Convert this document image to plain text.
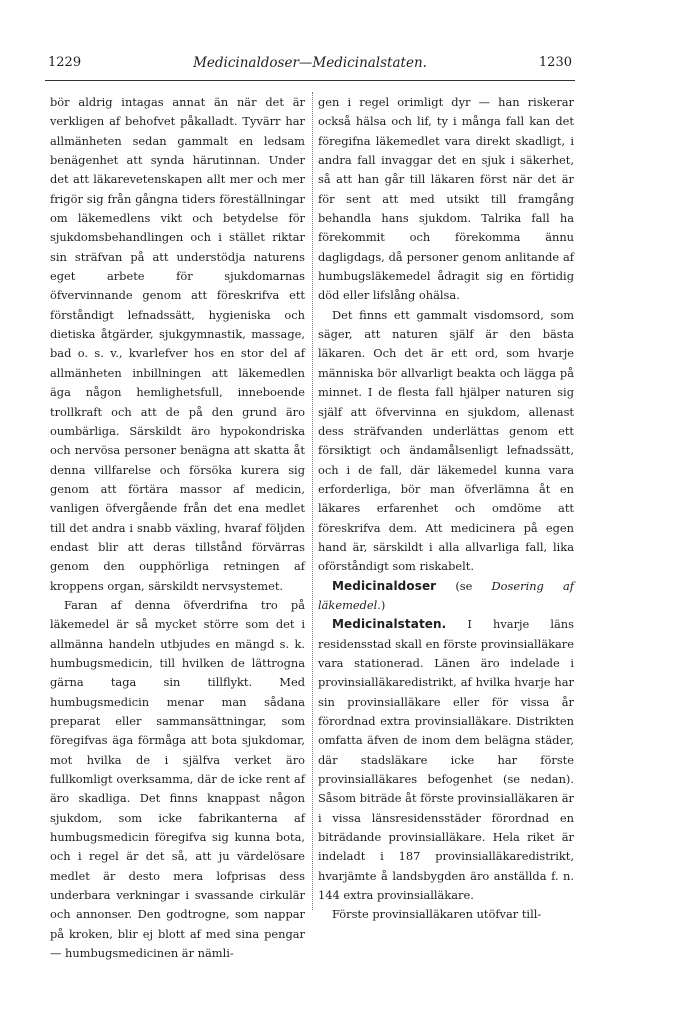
1229	Medicinaldoser—Medicinalstaten.	1230

bör aldrig intagas annat än när det är verkligen af behofvet påkalladt. Tyvärr har allmänheten sedan gammalt en ledsam benägenhet att synda härutinnan. Under det att läkarevetenskapen allt mer och mer frigör sig från gångna tiders föreställningar om läkemedlens vikt och betydelse för sjukdomsbehandlingen och i stället riktar sin sträfvan på att understödja naturens eget arbete för sjukdomarnas öfvervinnande genom att föreskrifva ett förståndigt lefnadssätt, hygieniska och dietiska åtgärder, sjukgymnastik, massage, bad o. s. v., kvarlefver hos en stor del af allmänheten inbillningen att läkemedlen äga någon hemlighetsfull, inneboende trollkraft och att de på den grund äro oumbärliga. Särskildt äro hypokondriska och nervösa personer benägna att skatta åt denna villfarelse och försöka kurera sig genom att förtära massor af medicin, vanligen öfvergående från det ena medlet till det andra i snabb växling, hvaraf följden endast blir att deras tillstånd förvärras genom den oupphörliga retningen af kroppens organ, särskildt nervsystemet.

Faran af denna öfverdrifna tro på läkemedel är så mycket större som det i allmänna handeln utbjudes en mängd s. k. humbugsmedicin, till hvilken de lättrogna gärna taga sin tillflykt. Med humbugsmedicin menar man sådana preparat eller sammansättningar, som föregifvas äga förmåga att bota sjukdomar, mot hvilka de i själfva verket äro fullkomligt overksamma, där de icke rent af äro skadliga. Det finns knappast någon sjukdom, som icke fabrikanterna af humbugsmedicin föregifva sig kunna bota, och i regel är det så, att ju värdelösare medlet är desto mera lofprisas dess underbara verkningar i svassande cirkulär och annonser. Den godtrogne, som nappar på kroken, blir ej blott af med sina pengar — humbugsmedicinen är nämli-

gen i regel orimligt dyr — han riskerar också hälsa och lif, ty i många fall kan det föregifna läkemedlet vara direkt skadligt, i andra fall invaggar det en sjuk i säkerhet, så att han går till läkaren först när det är för sent att med utsikt till framgång behandla hans sjukdom. Talrika fall ha förekommit och förekomma ännu dagligdags, då personer genom anlitande af humbugsläkemedel ådragit sig en förtidig död eller lifslång ohälsa.

Det finns ett gammalt visdomsord, som säger, att naturen själf är den bästa läkaren. Och det är ett ord, som hvarje människa bör allvarligt beakta och lägga på minnet. I de flesta fall hjälper naturen sig själf att öfvervinna en sjukdom, allenast dess sträfvanden underlättas genom ett försiktigt och ändamålsenligt lefnadssätt, och i de fall, där läkemedel kunna vara erforderliga, bör man öfverlämna åt en läkares erfarenhet och omdöme att föreskrifva dem. Att medicinera på egen hand är, särskildt i alla allvarliga fall, lika oförståndigt som riskabelt.

Medicinaldoser (se Dosering af läkemedel.)

Medicinalstaten. I hvarje läns residensstad skall en förste provinsialläkare vara stationerad. Länen äro indelade i provinsialläkaredistrikt, af hvilka hvarje har sin provinsialläkare eller för vissa år förordnad extra provinsialläkare. Distrikten omfatta äfven de inom dem belägna städer, där stadsläkare icke har förste provinsialläkares befogenhet (se nedan). Såsom biträde åt förste provinsialläkaren är i vissa länsresidensstäder förordnad en biträdande provinsialläkare. Hela riket är indeladt i 187 provinsialläkaredistrikt, hvarjämte å landsbygden äro anställda f. n. 144 extra provinsialläkare.

Förste provinsialläkaren utöfvar till-
